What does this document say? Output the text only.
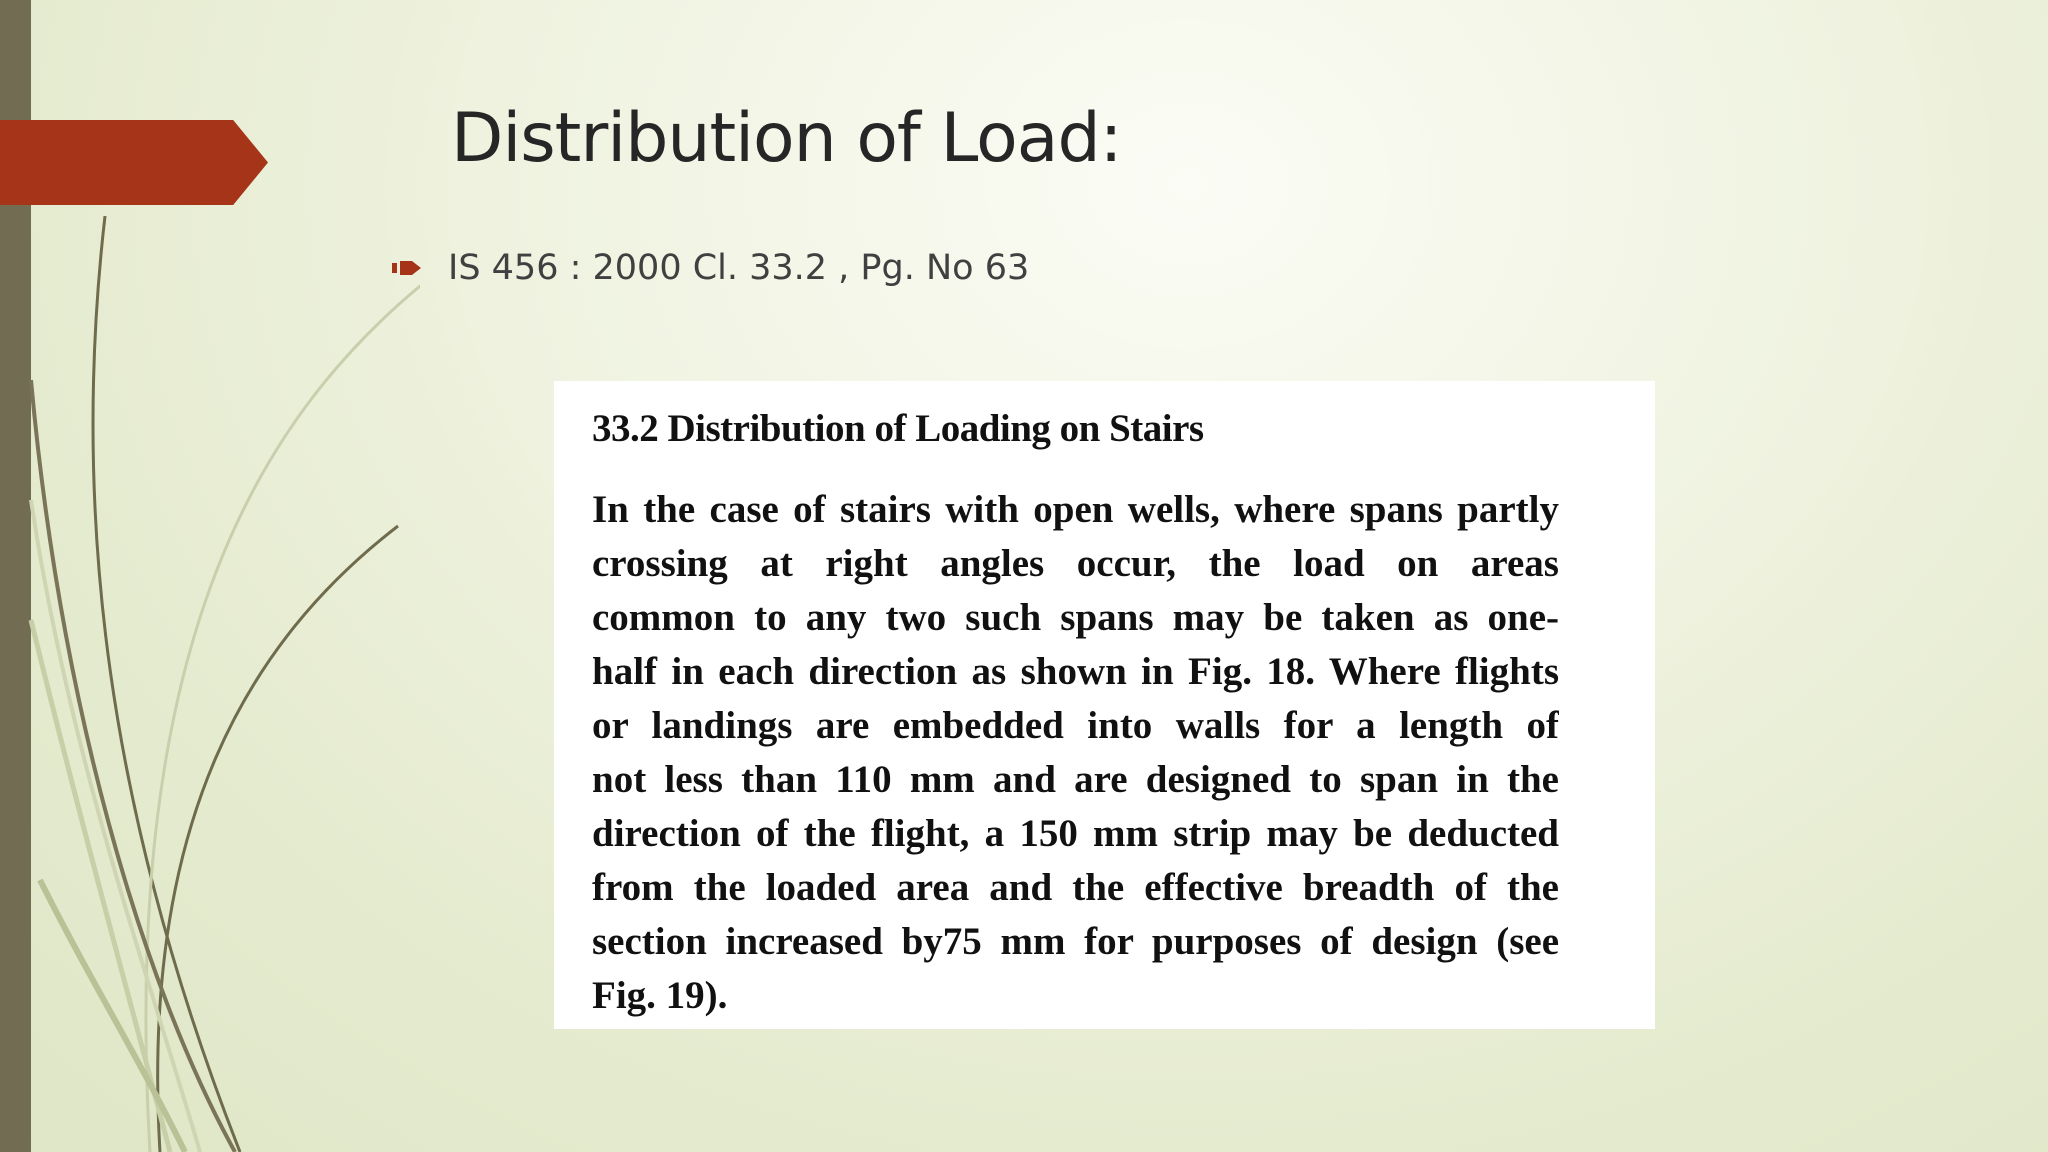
Distribution of Load:
IS 456 : 2000 Cl. 33.2 , Pg. No 63
33.2 Distribution of Loading on Stairs
In the case of stairs with open wells, where spans partly
crossing at right angles occur, the load on areas
common to any two such spans may be taken as one-
half in each direction as shown in Fig. 18. Where flights
or landings are embedded into walls for a length of
not less than 110 mm and are designed to span in the
direction of the flight, a 150 mm strip may be deducted
from the loaded area and the effective breadth of the
section increased by75 mm for purposes of design (see
Fig. 19).
